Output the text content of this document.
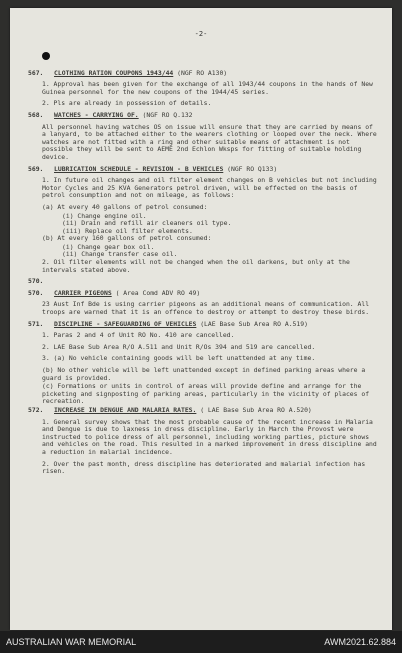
-2-
567. CLOTHING RATION COUPONS 1943/44 (NGF RO A130)
1. Approval has been given for the exchange of all 1943/44 coupons in the hands of New Guinea personnel for the new coupons of the 1944/45 series.
2. Pls are already in possession of details.
568. WATCHES - CARRYING OF. (NGF RO Q.132
All personnel having watches OS on issue will ensure that they are carried by means of a lanyard, to be attached either to the wearers clothing or looped over the neck. Where watches are not fitted with a ring and other suitable means of attachment is not possible they will be sent to AEME 2nd Echlon Wksps for fitting of suitable holding device.
569. LUBRICATION SCHEDULE - REVISION - B VEHICLES (NGF RO Q133)
1. In future oil changes and oil filter element changes on B vehicles but not including Motor Cycles and 25 KVA Generators petrol driven, will be effected on the basis of petrol consumption and not on mileage, as follows:
(a) At every 40 gallons of petrol consumed:
(i) Change engine oil.
(ii) Drain and refill air cleaners oil type.
(iii) Replace oil filter elements.
(b) At every 160 gallons of petrol consumed:
(i) Change gear box oil.
(ii) Change transfer case oil.
2. Oil filter elements will not be changed when the oil darkens, but only at the intervals stated above.
570.
570. CARRIER PIGEONS ( Area Comd ADV RO 49)
23 Aust Inf Bde is using carrier pigeons as an additional means of communication. All troops are warned that it is an offence to destroy or attempt to destroy these birds.
571. DISCIPLINE - SAFEGUARDING OF VEHICLES (LAE Base Sub Area RO A.519)
1. Paras 2 and 4 of Unit RO No. 410 are cancelled.
2. LAE Base Sub Area R/O A.511 and Unit R/Os 394 and 519 are cancelled.
3. (a) No vehicle containing goods will be left unattended at any time.
(b) No other vehicle will be left unattended except in defined parking areas where a guard is provided.
(c) Formations or units in control of areas will provide define and arrange for the picketing and signposting of parking areas, particularly in the vicinity of places of recreation.
572. INCREASE IN DENGUE AND MALARIA RATES. ( LAE Base Sub Area RO A.520)
1. General survey shows that the most probable cause of the recent increase in Malaria and Dengue is due to laxness in dress discipline. Early in March the Provost were instructed to police dress of all personnel, including working parties, picture shows and vehicles on the road. This resulted in a marked improvement in dress discipline and a reduction in malarial incidence.
2. Over the past month, dress discipline has deteriorated and malarial infection has risen.
AUSTRALIAN WAR MEMORIAL	AWM2021.62.884
